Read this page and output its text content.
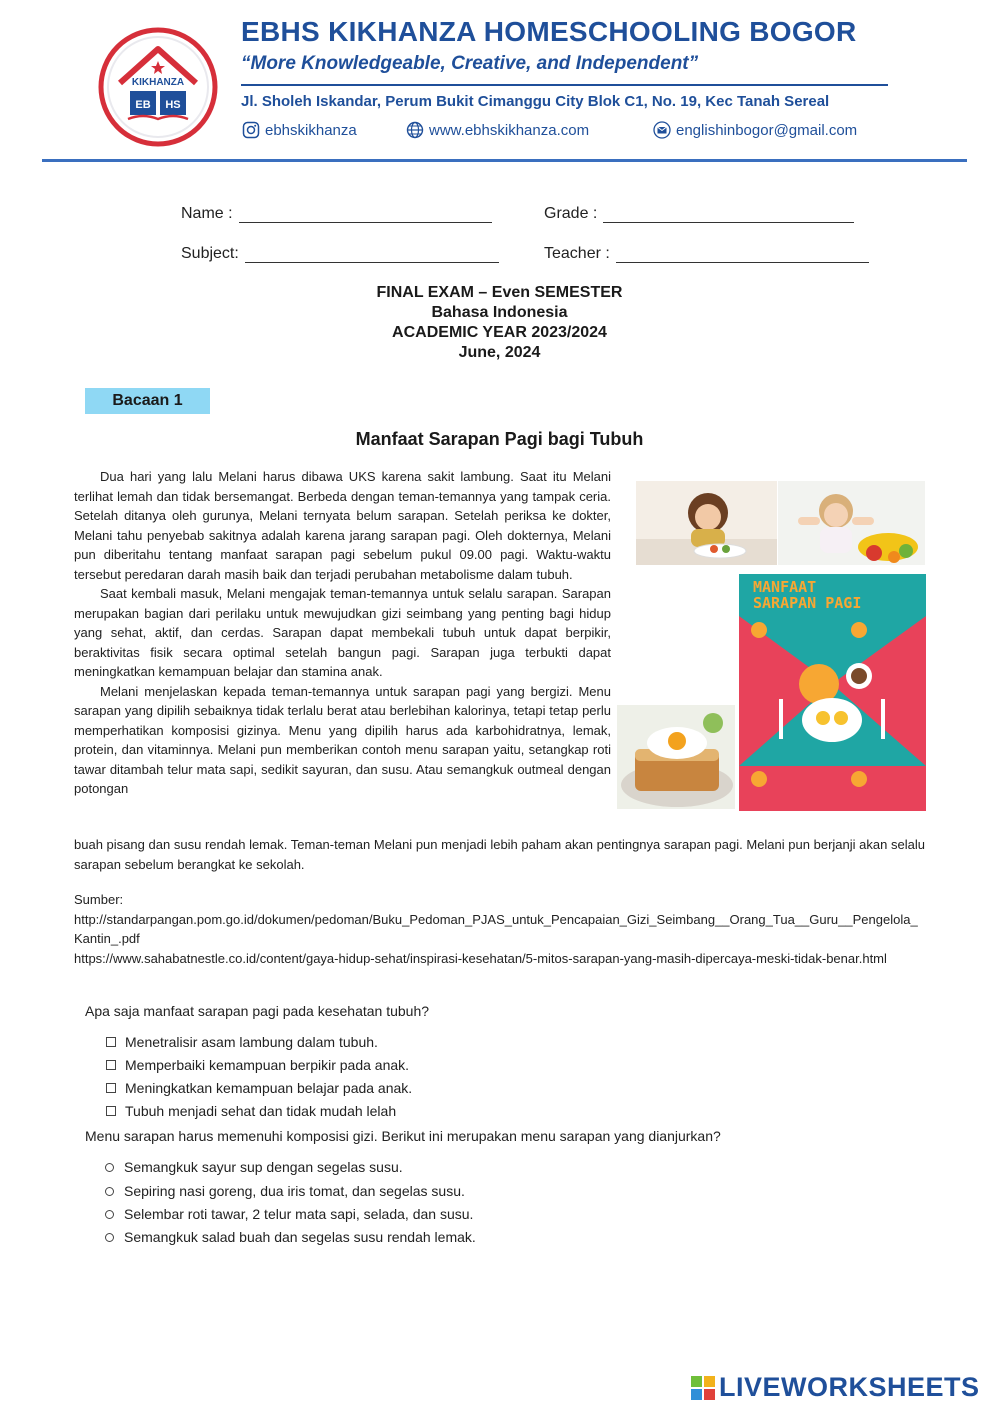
KIKHANZA
EB HS
EBHS KIKHANZA HOMESCHOOLING BOGOR
“More Knowledgeable, Creative, and Independent”
Jl. Sholeh Iskandar, Perum Bukit Cimanggu City Blok C1, No. 19, Kec Tanah Sereal
ebhskikhanza	www.ebhskikhanza.com	englishinbogor@gmail.com
Name :	Grade :
Subject:	Teacher :
FINAL EXAM – Even SEMESTER
Bahasa Indonesia
ACADEMIC YEAR 2023/2024
June, 2024
Bacaan 1
Manfaat Sarapan Pagi bagi Tubuh

Dua hari yang lalu Melani harus dibawa UKS karena sakit lambung. Saat itu Melani terlihat lemah dan tidak bersemangat. Berbeda dengan teman-temannya yang tampak ceria. Setelah ditanya oleh gurunya, Melani ternyata belum sarapan. Setelah periksa ke dokter, Melani tahu penyebab sakitnya adalah karena jarang sarapan pagi. Oleh dokternya, Melani pun diberitahu tentang manfaat sarapan pagi sebelum pukul 09.00 pagi. Waktu-waktu tersebut peredaran darah masih baik dan terjadi perubahan metabolisme dalam tubuh.

Saat kembali masuk, Melani mengajak teman-temannya untuk selalu sarapan. Sarapan merupakan bagian dari perilaku untuk mewujudkan gizi seimbang yang penting bagi hidup yang sehat, aktif, dan cerdas. Sarapan dapat membekali tubuh untuk dapat berpikir, beraktivitas fisik secara optimal setelah bangun pagi. Sarapan juga terbukti dapat meningkatkan kemampuan belajar dan stamina anak.

Melani menjelaskan kepada teman-temannya untuk sarapan pagi yang bergizi. Menu sarapan yang dipilih sebaiknya tidak terlalu berat atau berlebihan kalorinya, tetapi tetap perlu memperhatikan komposisi gizinya. Menu yang dipilih harus ada karbohidratnya, lemak, protein, dan vitaminnya. Melani pun memberikan contoh menu sarapan yaitu, setangkap roti tawar ditambah telur mata sapi, sedikit sayuran, dan susu. Atau semangkuk outmeal dengan potongan

MANFAAT
SARAPAN PAGI
buah pisang dan susu rendah lemak. Teman-teman Melani pun menjadi lebih paham akan pentingnya sarapan pagi. Melani pun berjanji akan selalu sarapan sebelum berangkat ke sekolah.
Sumber:
http://standarpangan.pom.go.id/dokumen/pedoman/Buku_Pedoman_PJAS_untuk_Pencapaian_Gizi_Seimbang__Orang_Tua__Guru__Pengelola_Kantin_.pdf
https://www.sahabatnestle.co.id/content/gaya-hidup-sehat/inspirasi-kesehatan/5-mitos-sarapan-yang-masih-dipercaya-meski-tidak-benar.html
Apa saja manfaat sarapan pagi pada kesehatan tubuh?
Menetralisir asam lambung dalam tubuh.
Memperbaiki kemampuan berpikir pada anak.
Meningkatkan kemampuan belajar pada anak.
Tubuh menjadi sehat dan tidak mudah lelah
Menu sarapan harus memenuhi komposisi gizi. Berikut ini merupakan menu sarapan yang dianjurkan?
Semangkuk sayur sup dengan segelas susu.
Sepiring nasi goreng, dua iris tomat, dan segelas susu.
Selembar roti tawar, 2 telur mata sapi, selada, dan susu.
Semangkuk salad buah dan segelas susu rendah lemak.
LIVEWORKSHEETS
